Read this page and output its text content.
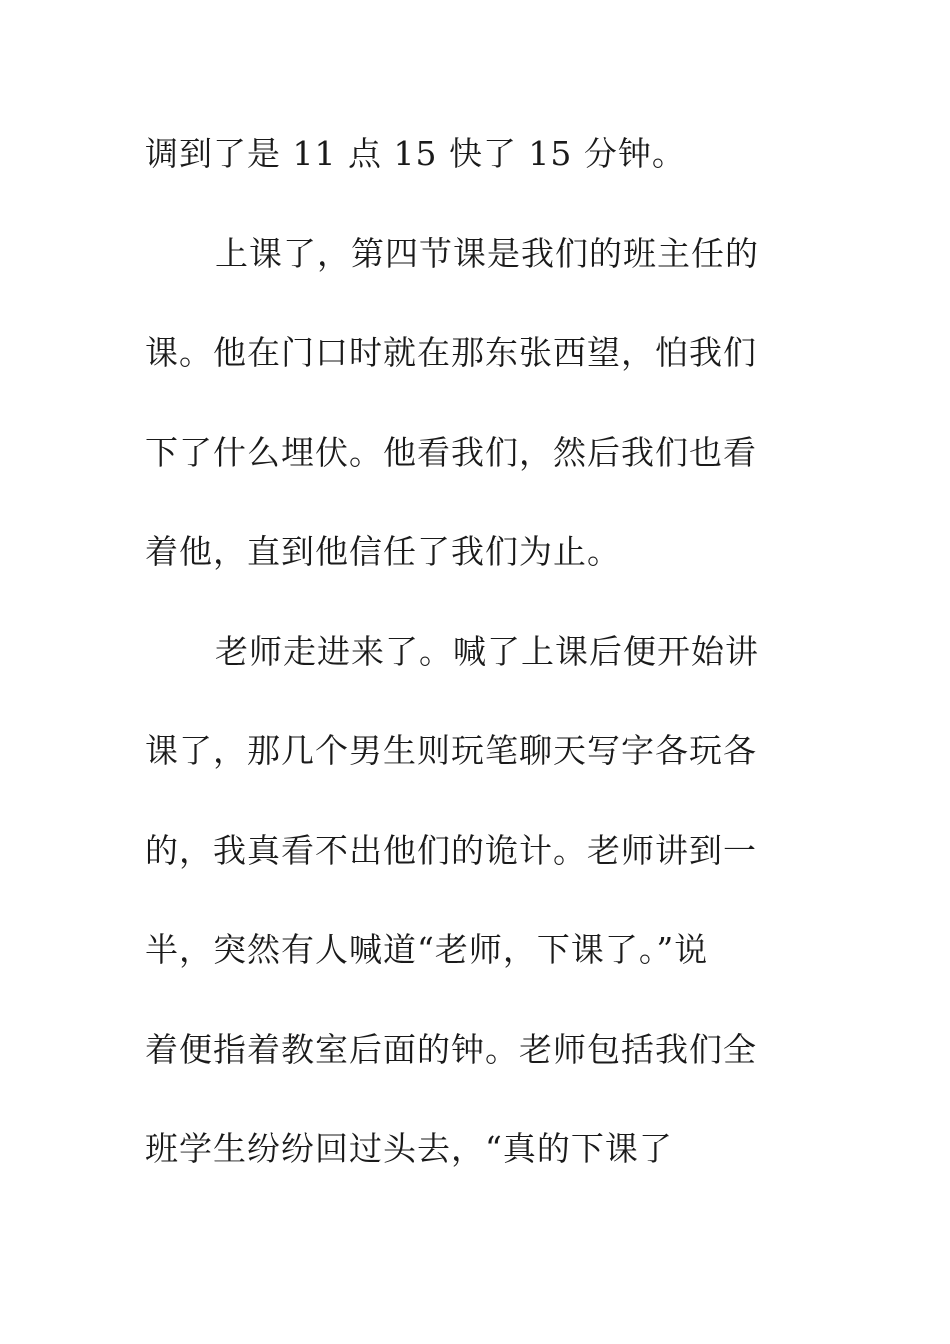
调到了是 11 点 15 快了 15 分钟。
上课了，第四节课是我们的班主任的
课。他在门口时就在那东张西望，怕我们
下了什么埋伏。他看我们，然后我们也看
着他，直到他信任了我们为止。
老师走进来了。喊了上课后便开始讲
课了，那几个男生则玩笔聊天写字各玩各
的，我真看不出他们的诡计。老师讲到一
半，突然有人喊道“老师，下课了。”说
着便指着教室后面的钟。老师包括我们全
班学生纷纷回过头去，“真的下课了
